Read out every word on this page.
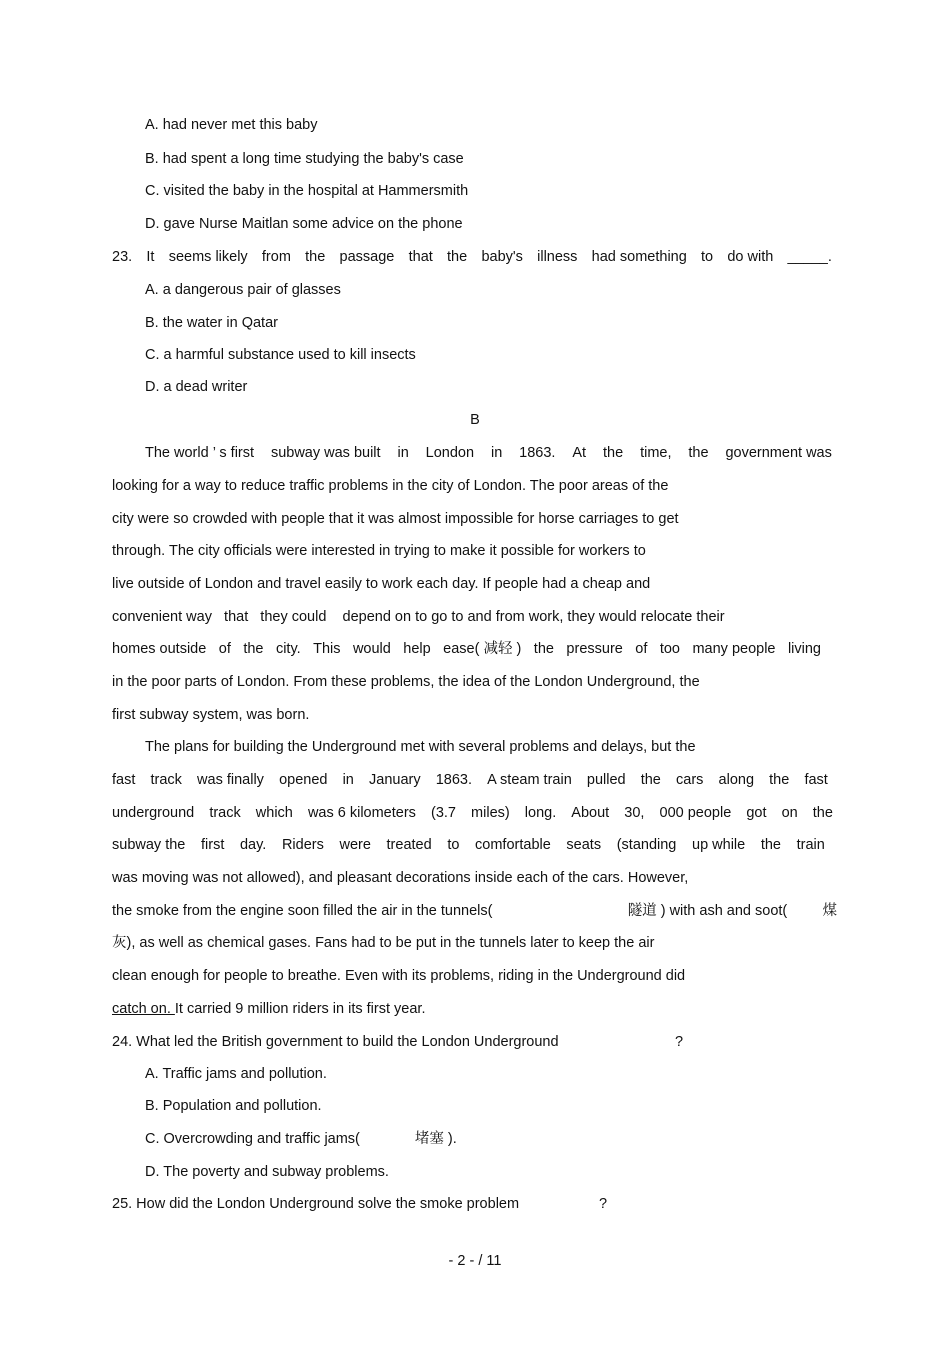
A. had never met this baby

B. had spent a long time studying the baby's case

C. visited the baby in the hospital at Hammersmith

D. gave Nurse Maitlan some advice on the phone

23. It seems likely from the passage that the baby's illness had something to do with _____.

A. a dangerous pair of glasses

B. the water in Qatar

C. a harmful substance used to kill insects

D. a dead writer

B

The world ’ s first subway was built in London in 1863. At the time, the government was

looking for a way to reduce traffic problems in the city of London. The poor areas of the

city were so crowded with people that it was almost impossible for horse carriages to get

through. The city officials were interested in trying to make it possible for workers to

live outside of London and travel easily to work each day. If people had a cheap and

convenient way   that   they could    depend on to go to and from work, they would relocate their

homes outside of the city. This would help ease( 减轻 ) the pressure of too many people living

in the poor parts of London. From these problems, the idea of the London Underground, the

first subway system, was born.

The plans for building the Underground met with several problems and delays, but the

fast track was finally opened in January 1863. A steam train pulled the cars along the fast
underground track which was 6 kilometers (3.7 miles) long. About 30, 000 people got on the
subway the first day. Riders were treated to comfortable seats (standing up while the train

was moving was not allowed), and pleasant decorations inside each of the cars. However,

the smoke from the engine soon filled the air in the tunnels(	隧道 ) with ash and soot( 煤

灰), as well as chemical gases. Fans had to be put in the tunnels later to keep the air

clean enough for people to breathe. Even with its problems, riding in the Underground did

catch on. It carried 9 million riders in its first year.

24. What led the British government to build the London Underground	?

A. Traffic jams and pollution.

B. Population and pollution.

C. Overcrowding and traffic jams(	堵塞 ).

D. The poverty and subway problems.

25. How did the London Underground solve the smoke problem	?

- 2 - / 11
